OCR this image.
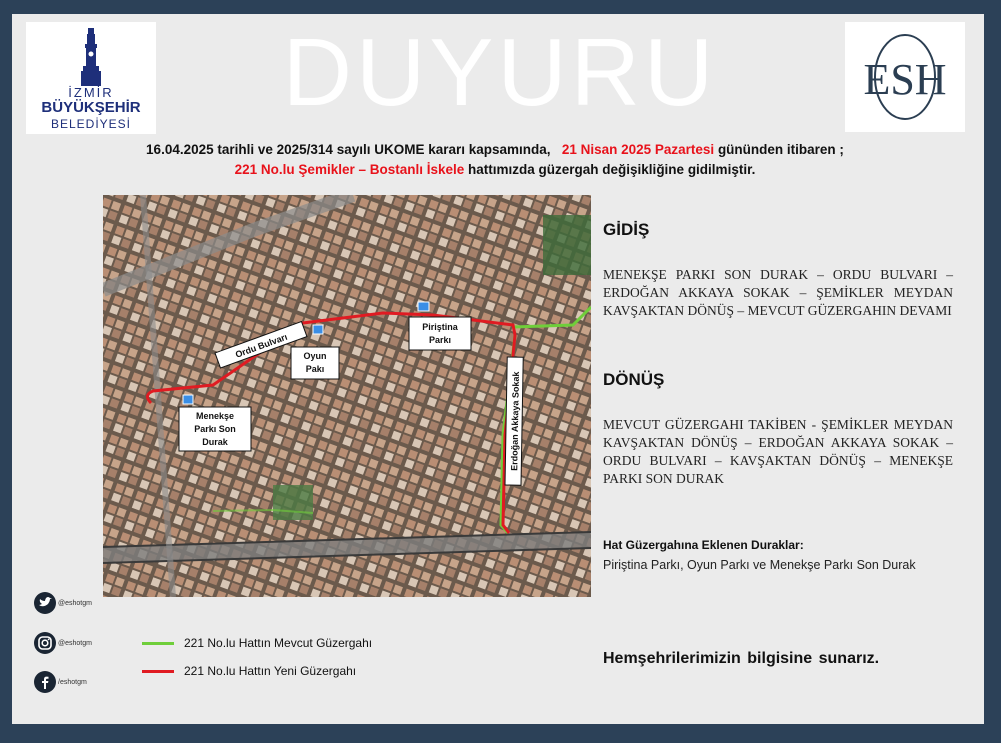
İZMİR
BÜYÜKŞEHİR
BELEDİYESİ	DUYURU	ESH
16.04.2025 tarihli ve 2025/314 sayılı UKOME kararı kapsamında, 21 Nisan 2025 Pazartesi gününden itibaren ;
221 No.lu Şemikler – Bostanlı İskele hattımızda güzergah değişikliğine gidilmiştir.
Ordu Bulvarı
Erdoğan Akkaya Sokak
Oyun
Pakı
Piriştina
Parkı
Menekşe
Parkı Son
Durak
GİDİŞ
MENEKŞE PARKI SON DURAK – ORDU BULVARI – ERDOĞAN AKKAYA SOKAK – ŞEMİKLER MEYDAN KAVŞAKTAN DÖNÜŞ – MEVCUT GÜZERGAHIN DEVAMI
DÖNÜŞ
MEVCUT GÜZERGAHI TAKİBEN - ŞEMİKLER MEYDAN KAVŞAKTAN DÖNÜŞ – ERDOĞAN AKKAYA SOKAK – ORDU BULVARI – KAVŞAKTAN DÖNÜŞ – MENEKŞE PARKI SON DURAK
Hat Güzergahına Eklenen Duraklar:
Piriştina Parkı, Oyun Parkı ve Menekşe Parkı Son Durak
Hemşehrilerimizin bilgisine sunarız.
221 No.lu Hattın Mevcut Güzergahı
221 No.lu Hattın Yeni Güzergahı
@eshotgm
@eshotgm
/eshotgm
